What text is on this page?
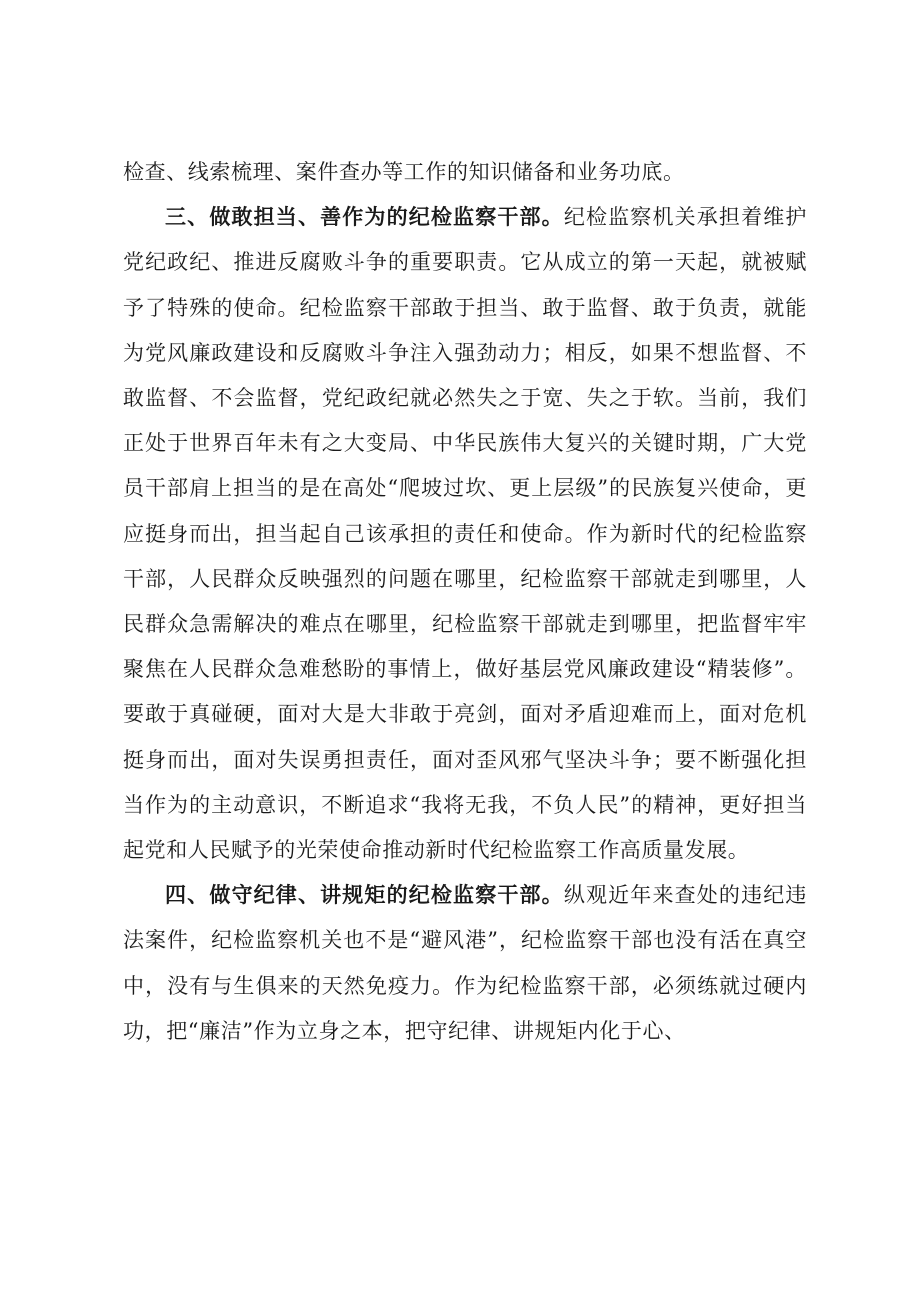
检查、线索梳理、案件查办等工作的知识储备和业务功底。

三、做敢担当、善作为的纪检监察干部。纪检监察机关承担着维护党纪政纪、推进反腐败斗争的重要职责。它从成立的第一天起，就被赋予了特殊的使命。纪检监察干部敢于担当、敢于监督、敢于负责，就能为党风廉政建设和反腐败斗争注入强劲动力；相反，如果不想监督、不敢监督、不会监督，党纪政纪就必然失之于宽、失之于软。当前，我们正处于世界百年未有之大变局、中华民族伟大复兴的关键时期，广大党员干部肩上担当的是在高处“爬坡过坎、更上层级”的民族复兴使命，更应挺身而出，担当起自己该承担的责任和使命。作为新时代的纪检监察干部，人民群众反映强烈的问题在哪里，纪检监察干部就走到哪里，人民群众急需解决的难点在哪里，纪检监察干部就走到哪里，把监督牢牢聚焦在人民群众急难愁盼的事情上，做好基层党风廉政建设“精装修”。要敢于真碰硬，面对大是大非敢于亮剑，面对矛盾迎难而上，面对危机挺身而出，面对失误勇担责任，面对歪风邪气坚决斗争；要不断强化担当作为的主动意识，不断追求“我将无我，不负人民”的精神，更好担当起党和人民赋予的光荣使命推动新时代纪检监察工作高质量发展。

四、做守纪律、讲规矩的纪检监察干部。纵观近年来查处的违纪违法案件，纪检监察机关也不是“避风港”，纪检监察干部也没有活在真空中，没有与生俱来的天然免疫力。作为纪检监察干部，必须练就过硬内功，把“廉洁”作为立身之本，把守纪律、讲规矩内化于心、
